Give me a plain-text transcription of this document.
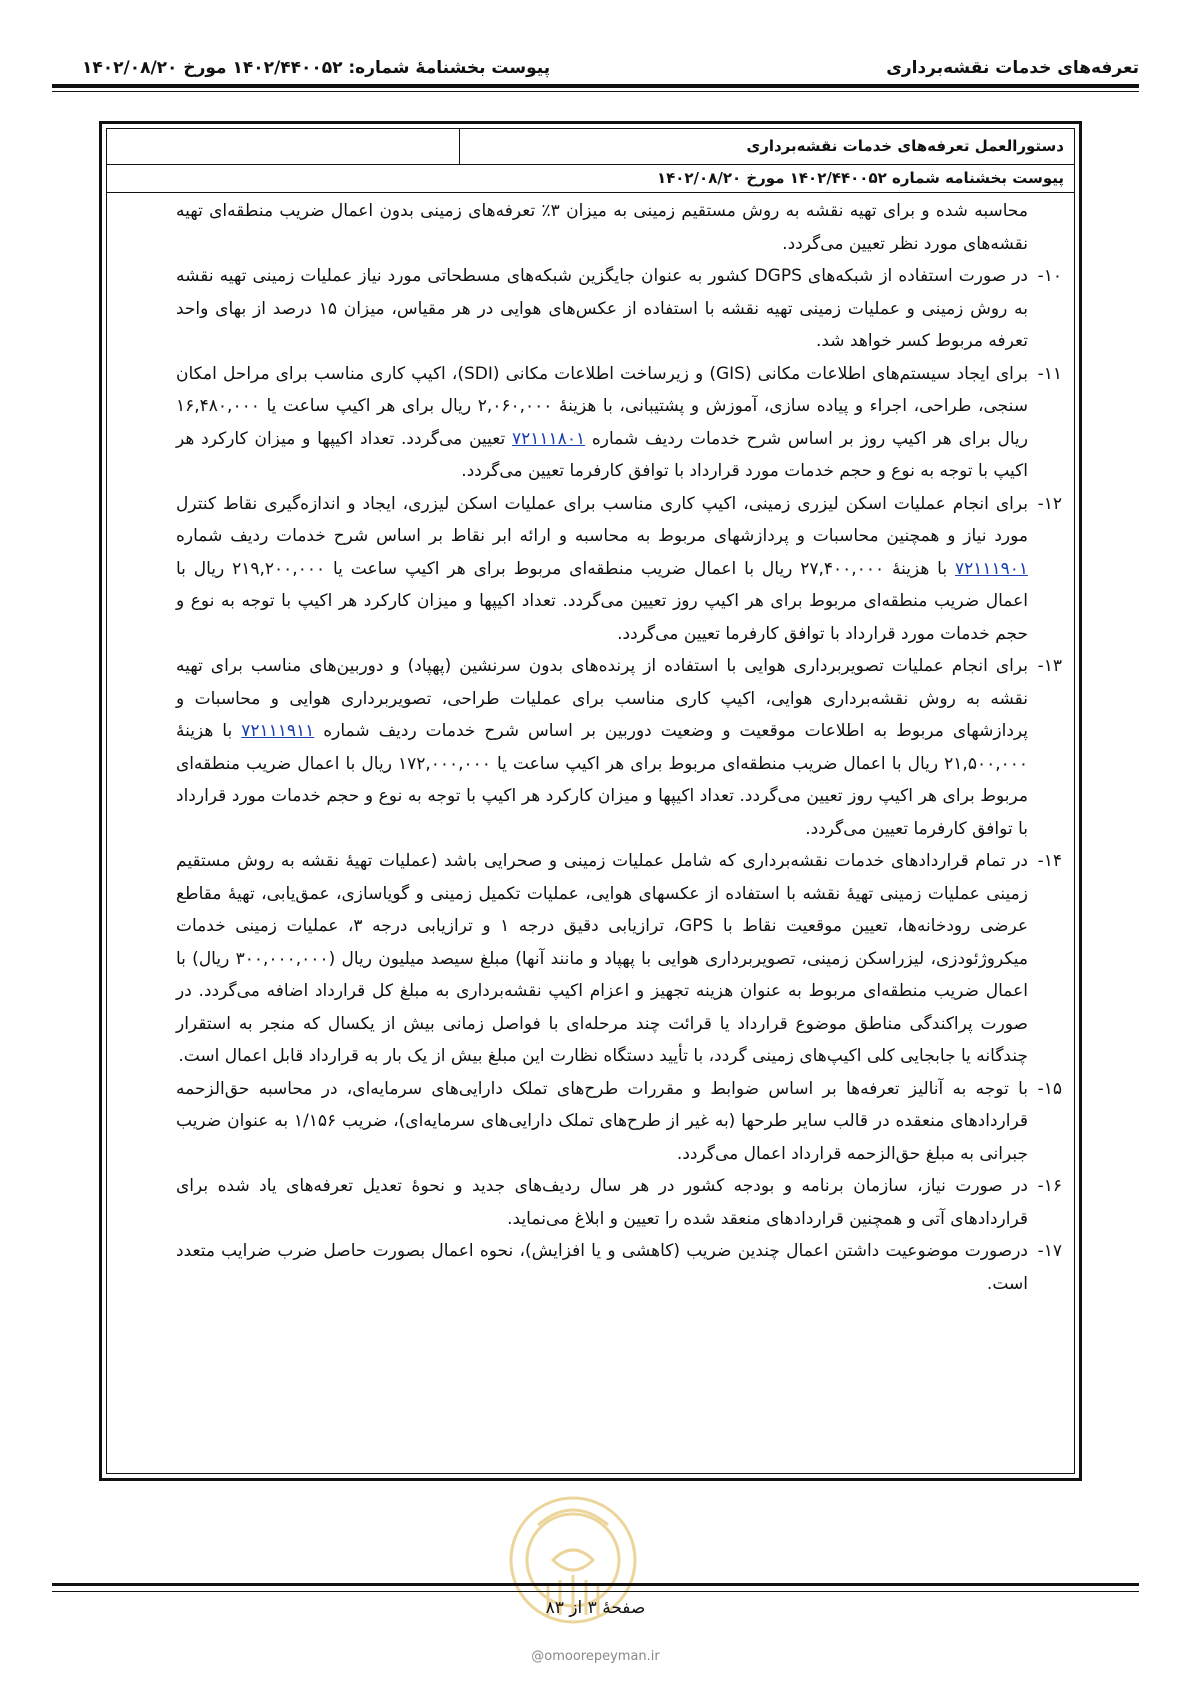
تعرفه‌های خدمات نقشه‌برداری
پیوست بخشنامهٔ شماره: ۱۴۰۲/۴۴۰۰۵۲ مورخ ۱۴۰۲/۰۸/۲۰
دستورالعمل تعرفه‌های خدمات نقشه‌برداری
پیوست بخشنامه شماره ۱۴۰۲/۴۴۰۰۵۲ مورخ ۱۴۰۲/۰۸/۲۰

محاسبه شده و برای تهیه نقشه به روش مستقیم زمینی به میزان ۳٪ تعرفه‌های زمینی بدون اعمال ضریب منطقه‌ای تهیه نقشه‌های مورد نظر تعیین می‌گردد.

۱۰-
در صورت استفاده از شبکه‌های DGPS کشور به عنوان جایگزین شبکه‌های مسطحاتی مورد نیاز عملیات زمینی تهیه نقشه به روش زمینی و عملیات زمینی تهیه نقشه با استفاده از عکس‌های هوایی در هر مقیاس، میزان ۱۵ درصد از بهای واحد تعرفه مربوط کسر خواهد شد.

۱۱-
برای ایجاد سیستم‌های اطلاعات مکانی (GIS) و زیرساخت اطلاعات مکانی (SDI)، اکیپ کاری مناسب برای مراحل امکان سنجی، طراحی، اجراء و پیاده سازی، آموزش و پشتیبانی، با هزینهٔ ۲,۰۶۰,۰۰۰ ریال برای هر اکیپ ساعت یا ۱۶,۴۸۰,۰۰۰ ریال برای هر اکیپ روز بر اساس شرح خدمات ردیف شماره ۷۲۱۱۱۸۰۱ تعیین می‌گردد. تعداد اکیپها و میزان کارکرد هر اکیپ با توجه به نوع و حجم خدمات مورد قرارداد با توافق کارفرما تعیین می‌گردد.

۱۲-
برای انجام عملیات اسکن لیزری زمینی، اکیپ کاری مناسب برای عملیات اسکن لیزری، ایجاد و اندازه‌گیری نقاط کنترل مورد نیاز و همچنین محاسبات و پردازشهای مربوط به محاسبه و ارائه ابر نقاط بر اساس شرح خدمات ردیف شماره ۷۲۱۱۱۹۰۱ با هزینهٔ ۲۷,۴۰۰,۰۰۰ ریال با اعمال ضریب منطقه‌ای مربوط برای هر اکیپ ساعت یا ۲۱۹,۲۰۰,۰۰۰ ریال با اعمال ضریب منطقه‌ای مربوط برای هر اکیپ روز تعیین می‌گردد. تعداد اکیپها و میزان کارکرد هر اکیپ با توجه به نوع و حجم خدمات مورد قرارداد با توافق کارفرما تعیین می‌گردد.

۱۳-
برای انجام عملیات تصویربرداری هوایی با استفاده از پرنده‌های بدون سرنشین (پهپاد) و دوربین‌های مناسب برای تهیه نقشه به روش نقشه‌برداری هوایی، اکیپ کاری مناسب برای عملیات طراحی، تصویربرداری هوایی و محاسبات و پردازشهای مربوط به اطلاعات موقعیت و وضعیت دوربین بر اساس شرح خدمات ردیف شماره ۷۲۱۱۱۹۱۱ با هزینهٔ ۲۱,۵۰۰,۰۰۰ ریال با اعمال ضریب منطقه‌ای مربوط برای هر اکیپ ساعت یا ۱۷۲,۰۰۰,۰۰۰ ریال با اعمال ضریب منطقه‌ای مربوط برای هر اکیپ روز تعیین می‌گردد. تعداد اکیپها و میزان کارکرد هر اکیپ با توجه به نوع و حجم خدمات مورد قرارداد با توافق کارفرما تعیین می‌گردد.

۱۴-
در تمام قراردادهای خدمات نقشه‌برداری که شامل عملیات زمینی و صحرایی باشد (عملیات تهیهٔ نقشه به روش مستقیم زمینی عملیات زمینی تهیهٔ نقشه با استفاده از عکسهای هوایی، عملیات تکمیل زمینی و گویاسازی، عمق‌یابی، تهیهٔ مقاطع عرضی رودخانه‌ها، تعیین موقعیت نقاط با GPS، ترازیابی دقیق درجه ۱ و ترازیابی درجه ۳، عملیات زمینی خدمات میکروژئودزی، لیزراسکن زمینی، تصویربرداری هوایی با پهپاد و مانند آنها) مبلغ سیصد میلیون ریال (۳۰۰,۰۰۰,۰۰۰ ریال) با اعمال ضریب منطقه‌ای مربوط به عنوان هزینه تجهیز و اعزام اکیپ نقشه‌برداری به مبلغ کل قرارداد اضافه می‌گردد. در صورت پراکندگی مناطق موضوع قرارداد یا قرائت چند مرحله‌ای با فواصل زمانی بیش از یکسال که منجر به استقرار چندگانه یا جابجایی کلی اکیپ‌های زمینی گردد، با تأیید دستگاه نظارت این مبلغ بیش از یک بار به قرارداد قابل اعمال است.

۱۵-
با توجه به آنالیز تعرفه‌ها بر اساس ضوابط و مقررات طرح‌های تملک دارایی‌های سرمایه‌ای، در محاسبه حق‌الزحمه قراردادهای منعقده در قالب سایر طرحها (به غیر از طرح‌های تملک دارایی‌های سرمایه‌ای)، ضریب ۱/۱۵۶ به عنوان ضریب جبرانی به مبلغ حق‌الزحمه قرارداد اعمال می‌گردد.

۱۶-
در صورت نیاز، سازمان برنامه و بودجه کشور در هر سال ردیف‌های جدید و نحوهٔ تعدیل تعرفه‌های یاد شده برای قراردادهای آتی و همچنین قراردادهای منعقد شده را تعیین و ابلاغ می‌نماید.

۱۷-
درصورت موضوعیت داشتن اعمال چندین ضریب (کاهشی و یا افزایش)، نحوه اعمال بصورت حاصل ضرب ضرایب متعدد است.

صفحهٔ ۳ از ۸۳
@omoorepeyman.ir
